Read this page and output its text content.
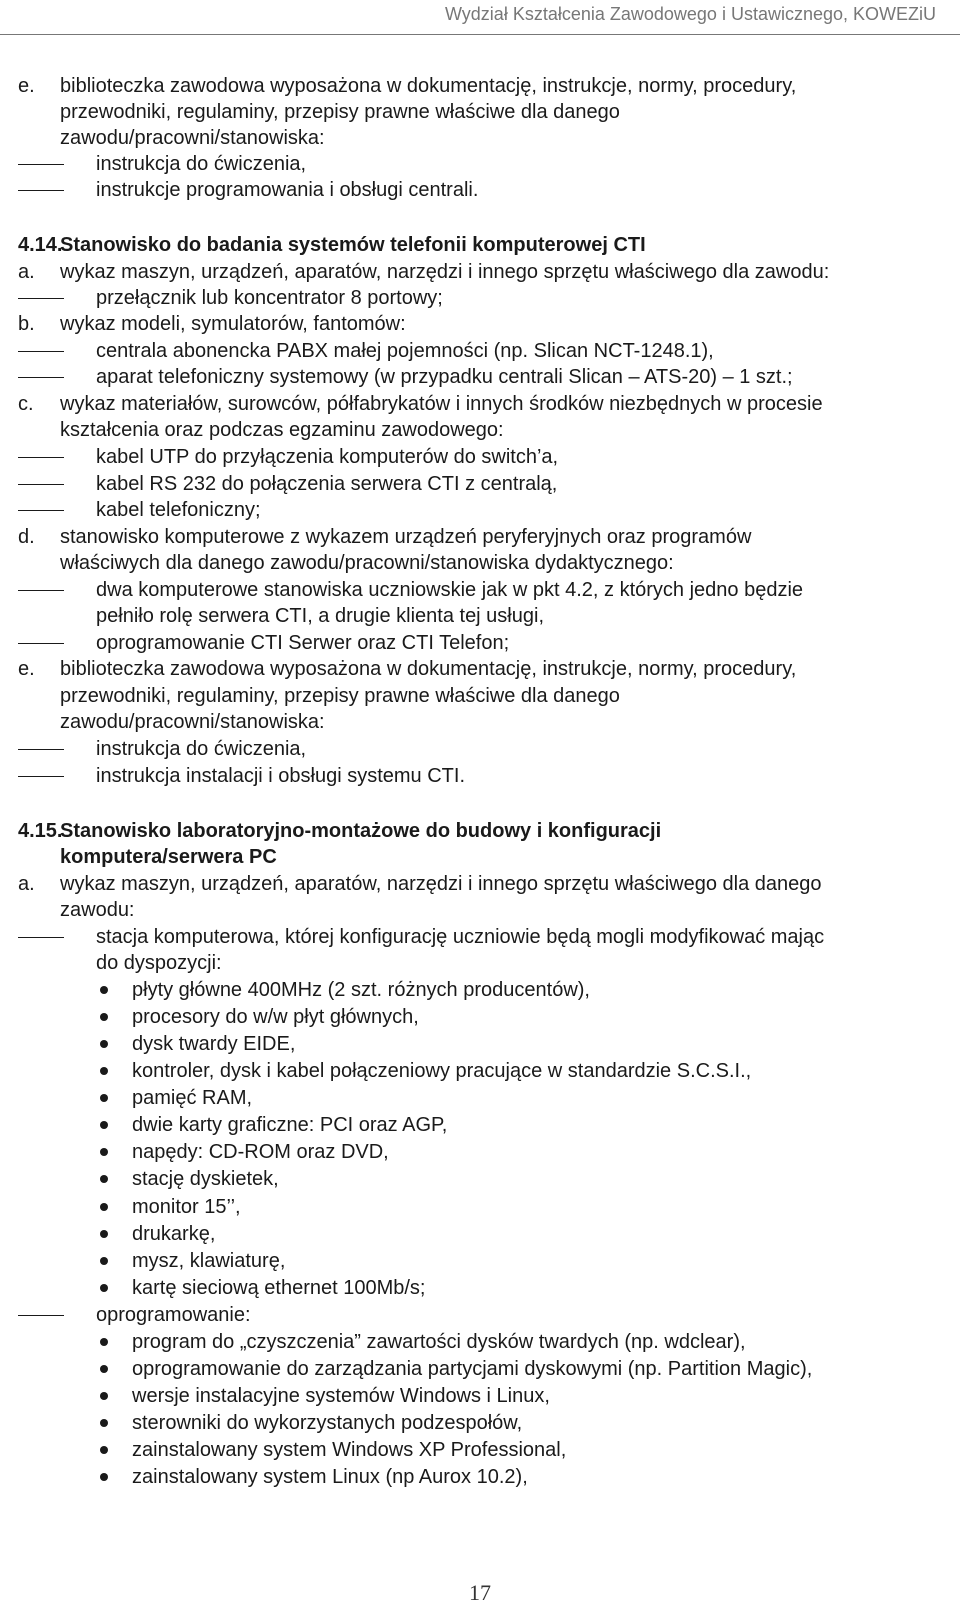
Wydział Kształcenia Zawodowego i Ustawicznego, KOWEZiU
e. biblioteczka zawodowa wyposażona w dokumentację, instrukcje, normy, procedury,
przewodniki, regulaminy, przepisy prawne właściwe dla danego
zawodu/pracowni/stanowiska:
instrukcja do ćwiczenia,
instrukcje programowania i obsługi centrali.
4.14.
Stanowisko do badania systemów telefonii komputerowej CTI
a. wykaz maszyn, urządzeń, aparatów, narzędzi i innego sprzętu właściwego dla zawodu:
przełącznik lub koncentrator 8 portowy;
b. wykaz modeli, symulatorów, fantomów:
centrala abonencka PABX małej pojemności (np. Slican NCT-1248.1),
aparat telefoniczny systemowy (w przypadku centrali Slican – ATS-20) – 1 szt.;
c. wykaz materiałów, surowców, półfabrykatów i innych środków niezbędnych w procesie
kształcenia oraz podczas egzaminu zawodowego:
kabel UTP do przyłączenia komputerów do switch’a,
kabel RS 232 do połączenia serwera CTI z centralą,
kabel telefoniczny;
d. stanowisko komputerowe z wykazem urządzeń peryferyjnych oraz programów
właściwych dla danego zawodu/pracowni/stanowiska dydaktycznego:
dwa komputerowe stanowiska uczniowskie jak w pkt 4.2, z których jedno będzie
pełniło rolę serwera CTI, a drugie klienta tej usługi,
oprogramowanie CTI Serwer oraz CTI Telefon;
e. biblioteczka zawodowa wyposażona w dokumentację, instrukcje, normy, procedury,
przewodniki, regulaminy, przepisy prawne właściwe dla danego
zawodu/pracowni/stanowiska:
instrukcja do ćwiczenia,
instrukcja instalacji i obsługi systemu CTI.
4.15.
Stanowisko laboratoryjno-montażowe do budowy i konfiguracji
komputera/serwera PC
a. wykaz maszyn, urządzeń, aparatów, narzędzi i innego sprzętu właściwego dla danego
zawodu:
stacja komputerowa, której konfigurację uczniowie będą mogli modyfikować mając
do dyspozycji:
płyty główne 400MHz (2 szt. różnych producentów),
procesory do w/w płyt głównych,
dysk twardy EIDE,
kontroler, dysk i kabel połączeniowy pracujące w standardzie S.C.S.I.,
pamięć RAM,
dwie karty graficzne: PCI oraz AGP,
napędy: CD-ROM oraz DVD,
stację dyskietek,
monitor 15’’,
drukarkę,
mysz, klawiaturę,
kartę sieciową ethernet 100Mb/s;
oprogramowanie:
program do „czyszczenia” zawartości dysków twardych (np. wdclear),
oprogramowanie do zarządzania partycjami dyskowymi (np. Partition Magic),
wersje instalacyjne systemów Windows i Linux,
sterowniki do wykorzystanych podzespołów,
zainstalowany system Windows XP Professional,
zainstalowany system Linux (np Aurox 10.2),
17
